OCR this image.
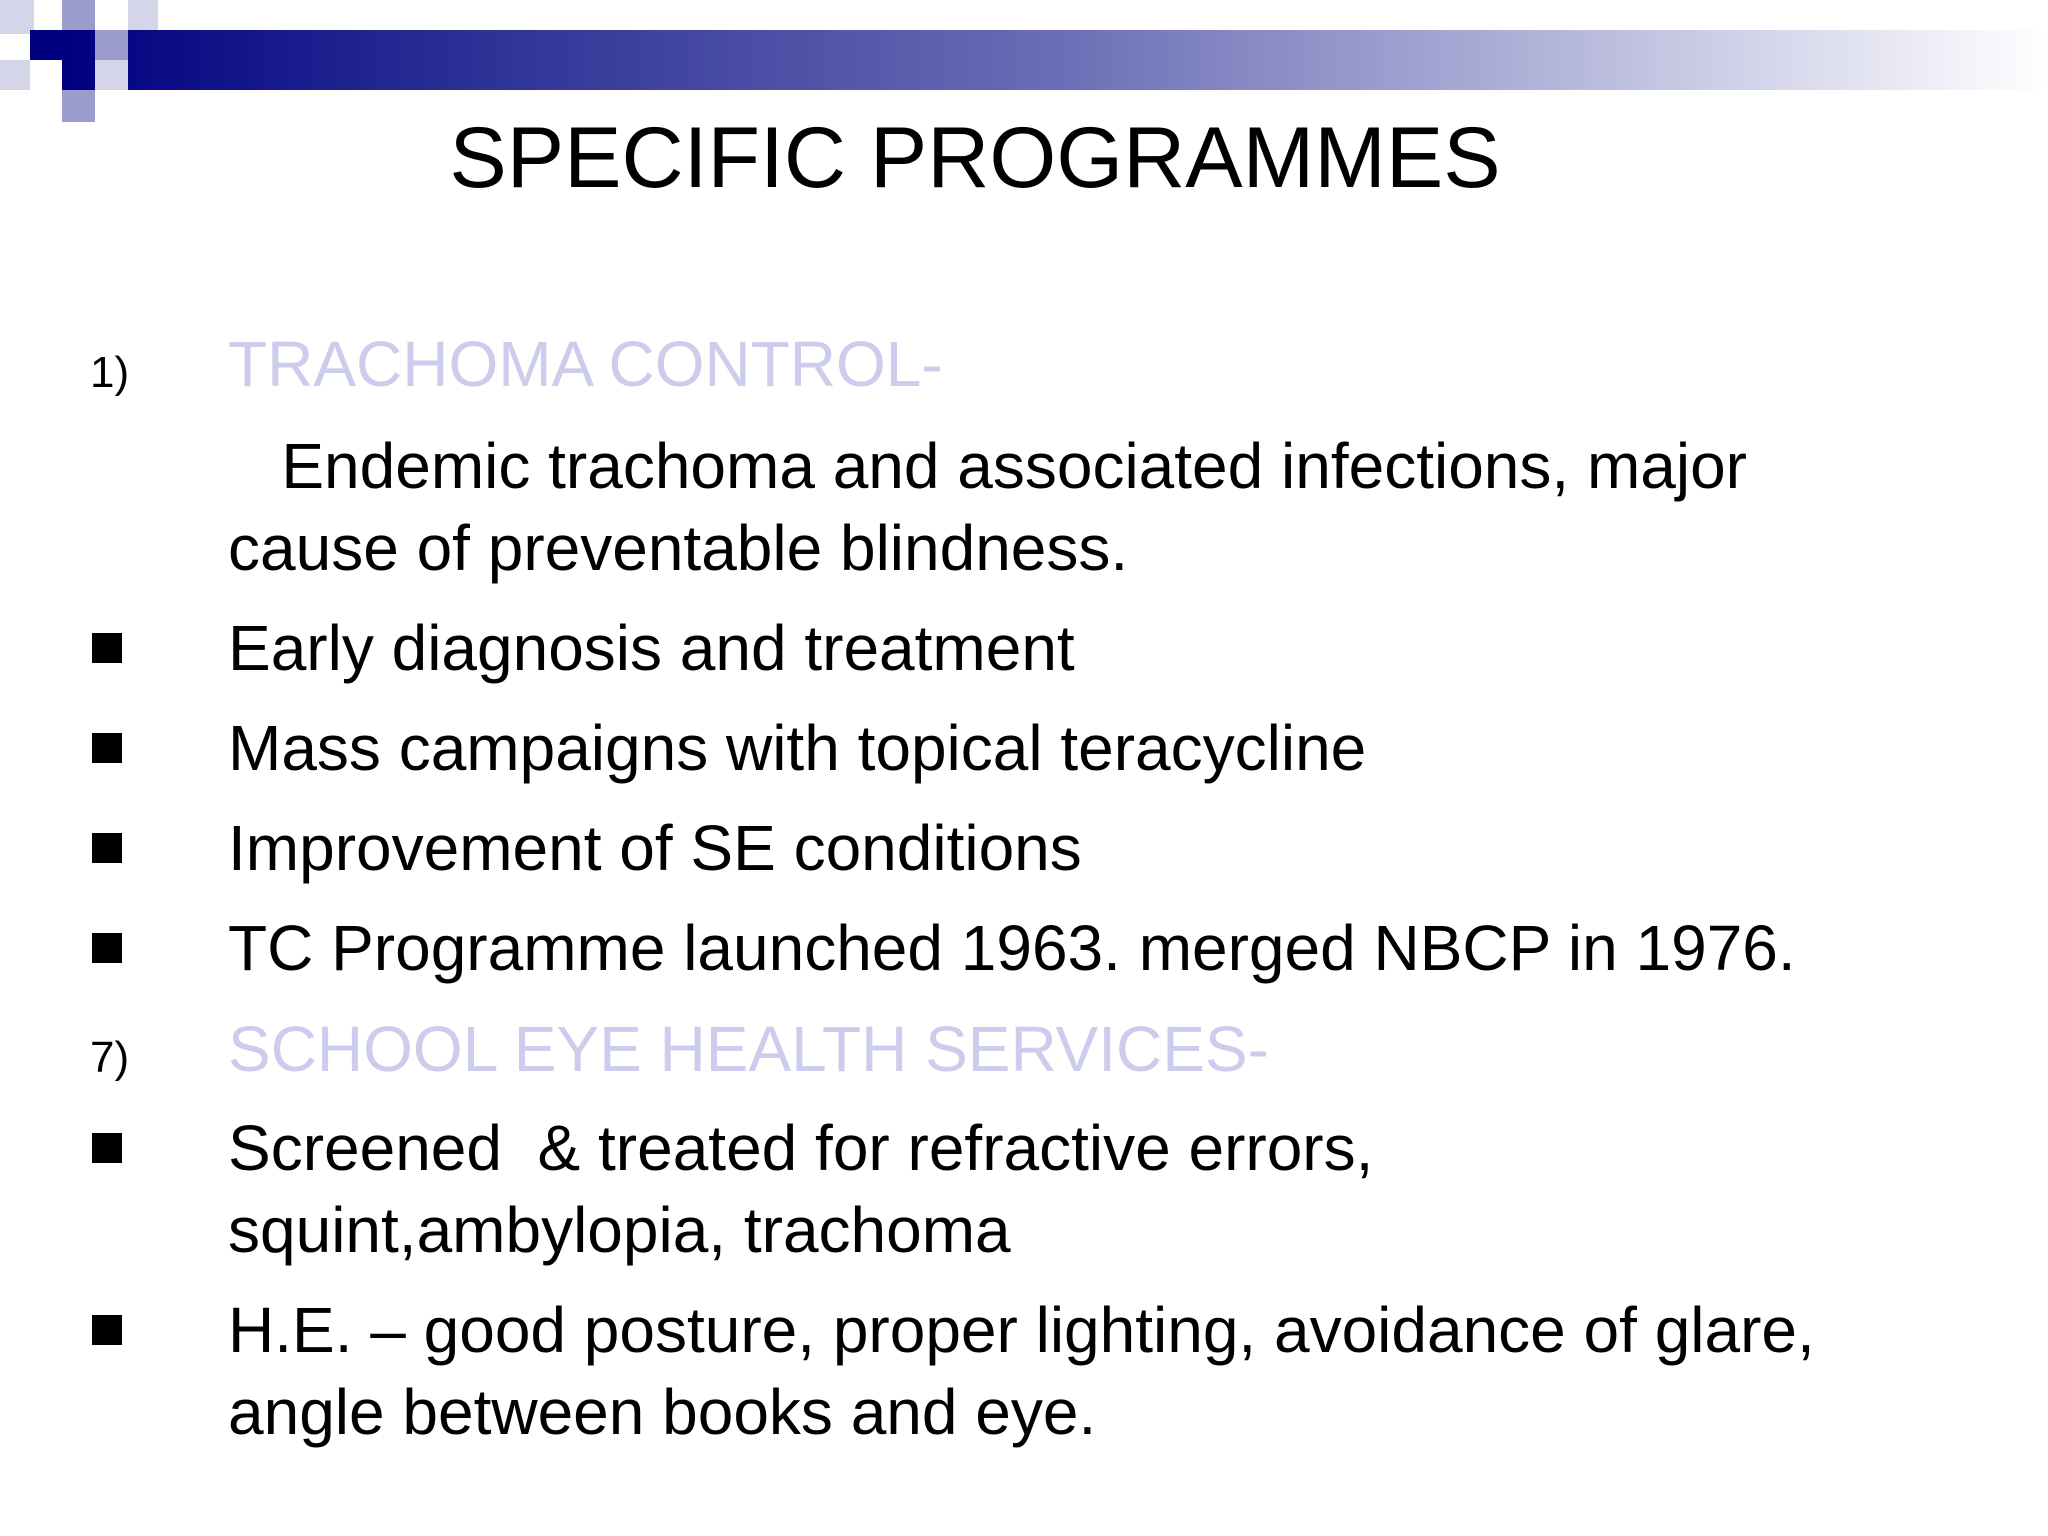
SPECIFIC PROGRAMMES
1) TRACHOMA CONTROL-
Endemic trachoma and associated infections, major
cause of preventable blindness.
Early diagnosis and treatment
Mass campaigns with topical teracycline
Improvement of SE conditions
TC Programme launched 1963. merged NBCP in 1976.
7) SCHOOL EYE HEALTH SERVICES-
Screened  & treated for refractive errors,
squint,ambylopia, trachoma
H.E. – good posture, proper lighting, avoidance of glare,
angle between books and eye.
